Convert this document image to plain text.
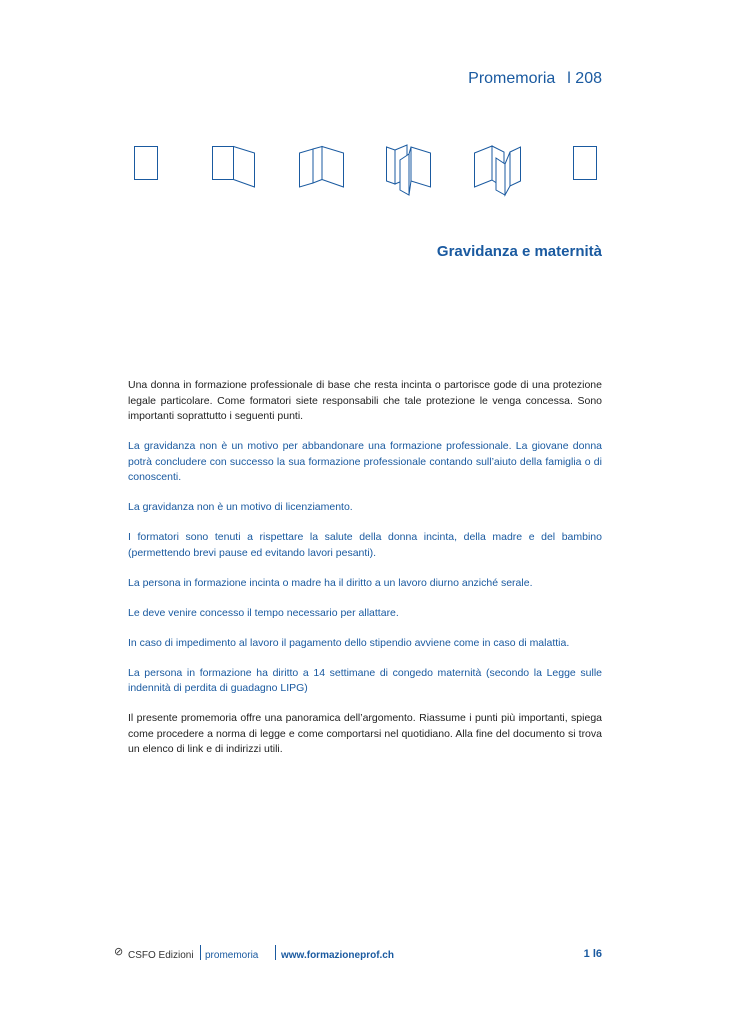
Promemoria l 208
Gravidanza e maternità

Una donna in formazione professionale di base che resta incinta o partorisce gode di una protezione legale particolare. Come formatori siete responsabili che tale protezione le venga concessa. Sono importanti soprattutto i seguenti punti.

La gravidanza non è un motivo per abbandonare una formazione professionale. La giovane donna potrà concludere con successo la sua formazione professionale contando sull’aiuto della famiglia o di conoscenti.

La gravidanza non è un motivo di licenziamento.

I formatori sono tenuti a rispettare la salute della donna incinta, della madre e del bambino (permettendo brevi pause ed evitando lavori pesanti).

La persona in formazione incinta o madre ha il diritto a un lavoro diurno anziché serale.

Le deve venire concesso il tempo necessario per allattare.

In caso di impedimento al lavoro il pagamento dello stipendio avviene come in caso di malattia.

La persona in formazione ha diritto a 14 settimane di congedo maternità (secondo la Legge sulle indennità di perdita di guadagno LIPG)

Il presente promemoria offre una panoramica dell’argomento. Riassume i punti più importanti, spiega come procedere a norma di legge e come comportarsi nel quotidiano. Alla fine del documento si trova un elenco di link e di indirizzi utili.

⊘ CSFO Edizioni promemoria www.formazioneprof.ch	1 l6
